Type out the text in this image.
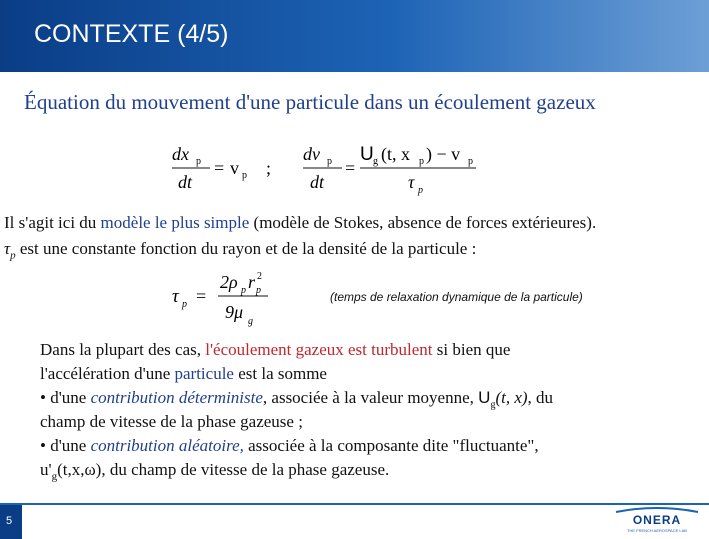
CONTEXTE (4/5)
Équation du mouvement d'une particule dans un écoulement gazeux
dx p
dt
= v p ;
dv p
dt
=
U g (t, x p ) − v p
τ p
Il s'agit ici du modèle le plus simple (modèle de Stokes, absence de forces extérieures).
$\tau_p$ est une constante fonction du rayon et de la densité de la particule :
τ p =
2ρ p r p
2
9μ g
(temps de relaxation dynamique de la particule)
Dans la plupart des cas, l'écoulement gazeux est turbulent si bien que
l'accélération d'une particule est la somme
• d'une contribution déterministe, associée à la valeur moyenne, $U_g(t$, x), du
champ de vitesse de la phase gazeuse ;
• d'une contribution aléatoire, associée à la composante dite "fluctuante",
$u'_g(t,x,\omega)$, du champ de vitesse de la phase gazeuse.
5	ONERA
THE FRENCH AEROSPACE LAB
